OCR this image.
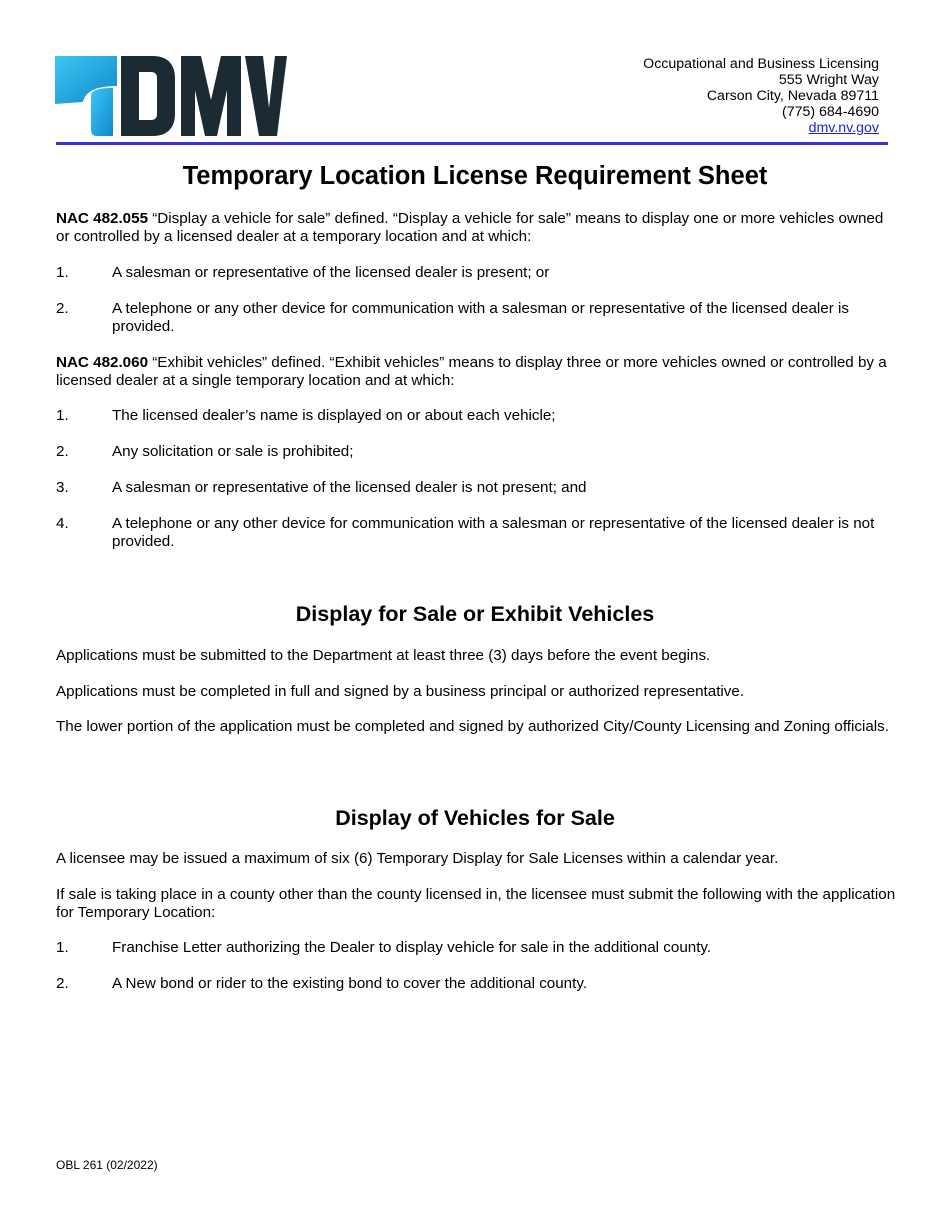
Occupational and Business Licensing
555 Wright Way
Carson City, Nevada 89711
(775) 684-4690
dmv.nv.gov
Temporary Location License Requirement Sheet
NAC 482.055 “Display a vehicle for sale” defined. “Display a vehicle for sale” means to display one or more vehicles owned or controlled by a licensed dealer at a temporary location and at which:
1.	A salesman or representative of the licensed dealer is present; or
2.	A telephone or any other device for communication with a salesman or representative of the licensed dealer is provided.
NAC 482.060 “Exhibit vehicles” defined. “Exhibit vehicles” means to display three or more vehicles owned or controlled by a licensed dealer at a single temporary location and at which:
1.	The licensed dealer’s name is displayed on or about each vehicle;
2.	Any solicitation or sale is prohibited;
3.	A salesman or representative of the licensed dealer is not present; and
4.	A telephone or any other device for communication with a salesman or representative of the licensed dealer is not provided.
Display for Sale or Exhibit Vehicles
Applications must be submitted to the Department at least three (3) days before the event begins.
Applications must be completed in full and signed by a business principal or authorized representative.
The lower portion of the application must be completed and signed by authorized City/County Licensing and Zoning officials.
Display of Vehicles for Sale
A licensee may be issued a maximum of six (6) Temporary Display for Sale Licenses within a calendar year.
If sale is taking place in a county other than the county licensed in, the licensee must submit the following with the application for Temporary Location:
1.	Franchise Letter authorizing the Dealer to display vehicle for sale in the additional county.
2.	A New bond or rider to the existing bond to cover the additional county.
OBL 261 (02/2022)
